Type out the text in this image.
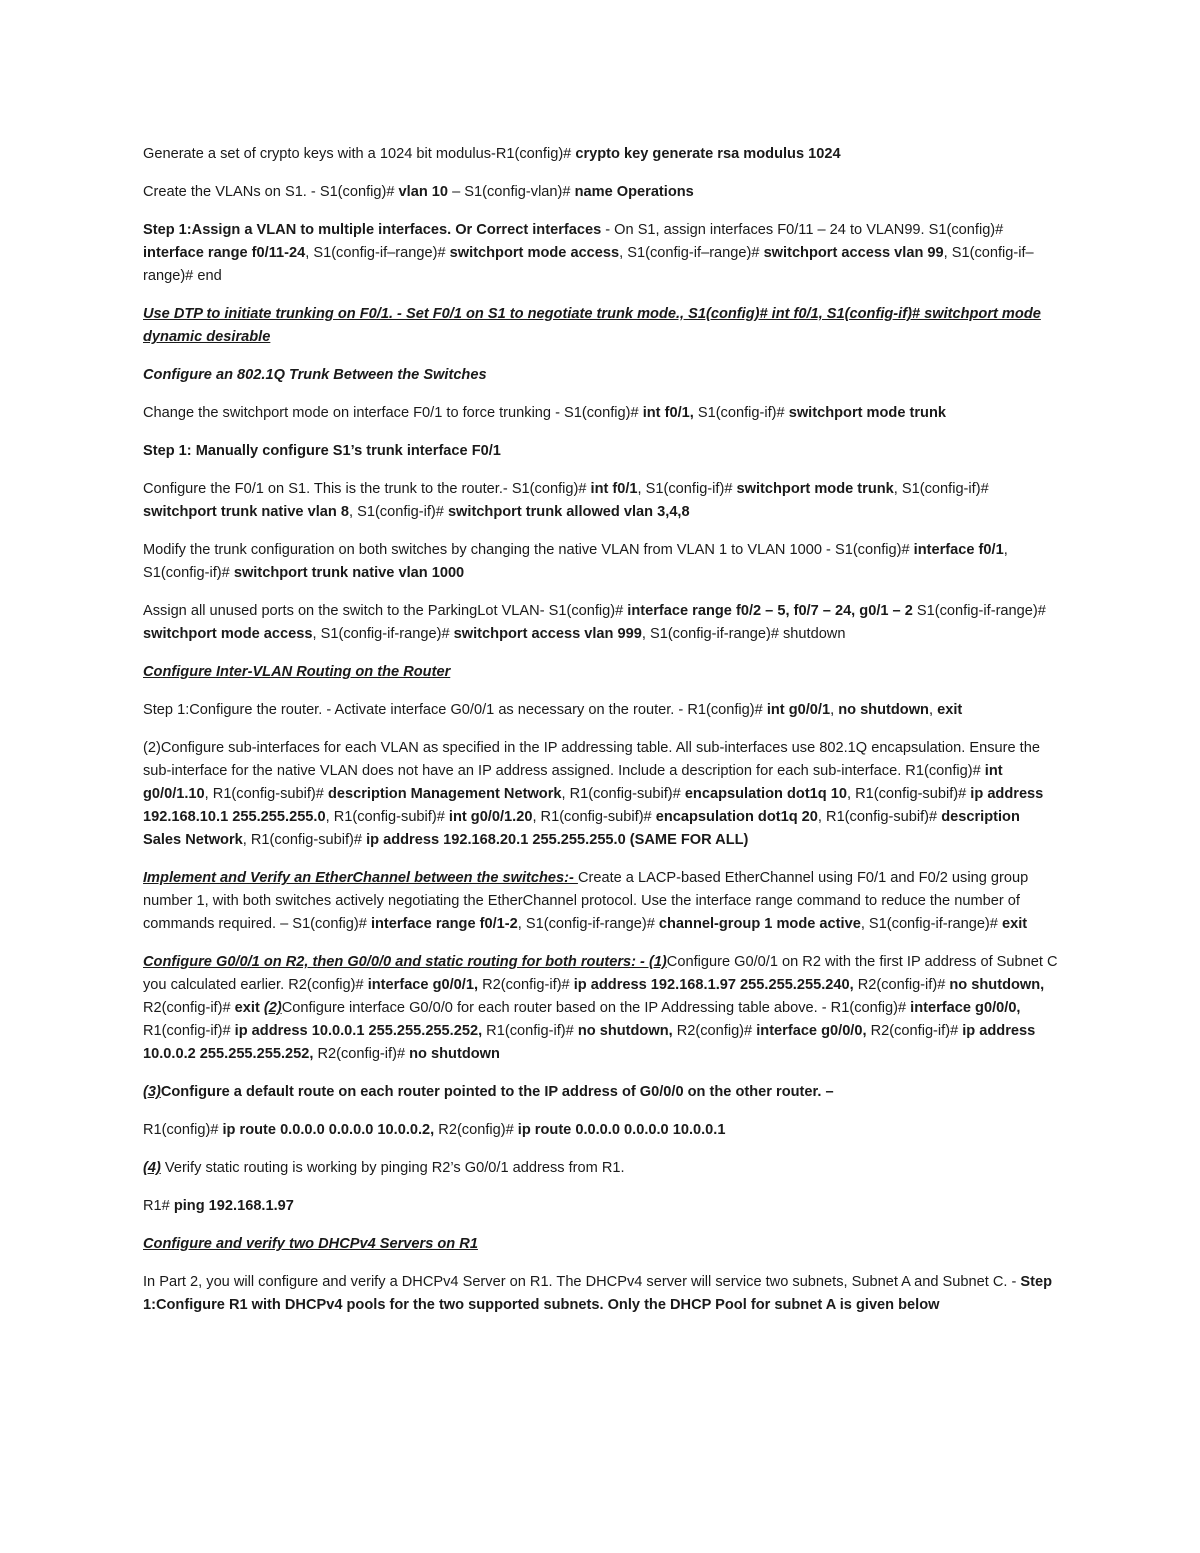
Generate a set of crypto keys with a 1024 bit modulus-R1(config)# crypto key generate rsa modulus 1024

Create the VLANs on S1. - S1(config)# vlan 10 – S1(config-vlan)# name Operations

Step 1:Assign a VLAN to multiple interfaces. Or Correct interfaces - On S1, assign interfaces F0/11 – 24 to VLAN99. S1(config)# interface range f0/11-24, S1(config-if–range)# switchport mode access, S1(config-if–range)# switchport access vlan 99, S1(config-if–range)# end

Use DTP to initiate trunking on F0/1. - Set F0/1 on S1 to negotiate trunk mode., S1(config)# int f0/1, S1(config-if)# switchport mode dynamic desirable

Configure an 802.1Q Trunk Between the Switches

Change the switchport mode on interface F0/1 to force trunking - S1(config)# int f0/1, S1(config-if)# switchport mode trunk

Step 1: Manually configure S1’s trunk interface F0/1

Configure the F0/1 on S1. This is the trunk to the router.- S1(config)# int f0/1, S1(config-if)# switchport mode trunk, S1(config-if)# switchport trunk native vlan 8, S1(config-if)# switchport trunk allowed vlan 3,4,8

Modify the trunk configuration on both switches by changing the native VLAN from VLAN 1 to VLAN 1000 - S1(config)# interface f0/1, S1(config-if)# switchport trunk native vlan 1000

Assign all unused ports on the switch to the ParkingLot VLAN- S1(config)# interface range f0/2 – 5, f0/7 – 24, g0/1 – 2 S1(config-if-range)# switchport mode access, S1(config-if-range)# switchport access vlan 999, S1(config-if-range)# shutdown

Configure Inter-VLAN Routing on the Router

Step 1:Configure the router. - Activate interface G0/0/1 as necessary on the router. - R1(config)# int g0/0/1, no shutdown, exit

(2)Configure sub-interfaces for each VLAN as specified in the IP addressing table. All sub-interfaces use 802.1Q encapsulation. Ensure the sub-interface for the native VLAN does not have an IP address assigned. Include a description for each sub-interface. R1(config)# int g0/0/1.10, R1(config-subif)# description Management Network, R1(config-subif)# encapsulation dot1q 10, R1(config-subif)# ip address 192.168.10.1 255.255.255.0, R1(config-subif)# int g0/0/1.20, R1(config-subif)# encapsulation dot1q 20, R1(config-subif)# description Sales Network, R1(config-subif)# ip address 192.168.20.1 255.255.255.0 (SAME FOR ALL)

Implement and Verify an EtherChannel between the switches:- Create a LACP-based EtherChannel using F0/1 and F0/2 using group number 1, with both switches actively negotiating the EtherChannel protocol. Use the interface range command to reduce the number of commands required. – S1(config)# interface range f0/1-2, S1(config-if-range)# channel-group 1 mode active, S1(config-if-range)# exit

Configure G0/0/1 on R2, then G0/0/0 and static routing for both routers: - (1)Configure G0/0/1 on R2 with the first IP address of Subnet C you calculated earlier. R2(config)# interface g0/0/1, R2(config-if)# ip address 192.168.1.97 255.255.255.240, R2(config-if)# no shutdown, R2(config-if)# exit (2)Configure interface G0/0/0 for each router based on the IP Addressing table above. - R1(config)# interface g0/0/0, R1(config-if)# ip address 10.0.0.1 255.255.255.252, R1(config-if)# no shutdown, R2(config)# interface g0/0/0, R2(config-if)# ip address 10.0.0.2 255.255.255.252, R2(config-if)# no shutdown

(3)Configure a default route on each router pointed to the IP address of G0/0/0 on the other router. –

R1(config)# ip route 0.0.0.0 0.0.0.0 10.0.0.2, R2(config)# ip route 0.0.0.0 0.0.0.0 10.0.0.1

(4) Verify static routing is working by pinging R2’s G0/0/1 address from R1.

R1# ping 192.168.1.97

Configure and verify two DHCPv4 Servers on R1

In Part 2, you will configure and verify a DHCPv4 Server on R1. The DHCPv4 server will service two subnets, Subnet A and Subnet C. - Step 1:Configure R1 with DHCPv4 pools for the two supported subnets. Only the DHCP Pool for subnet A is given below
